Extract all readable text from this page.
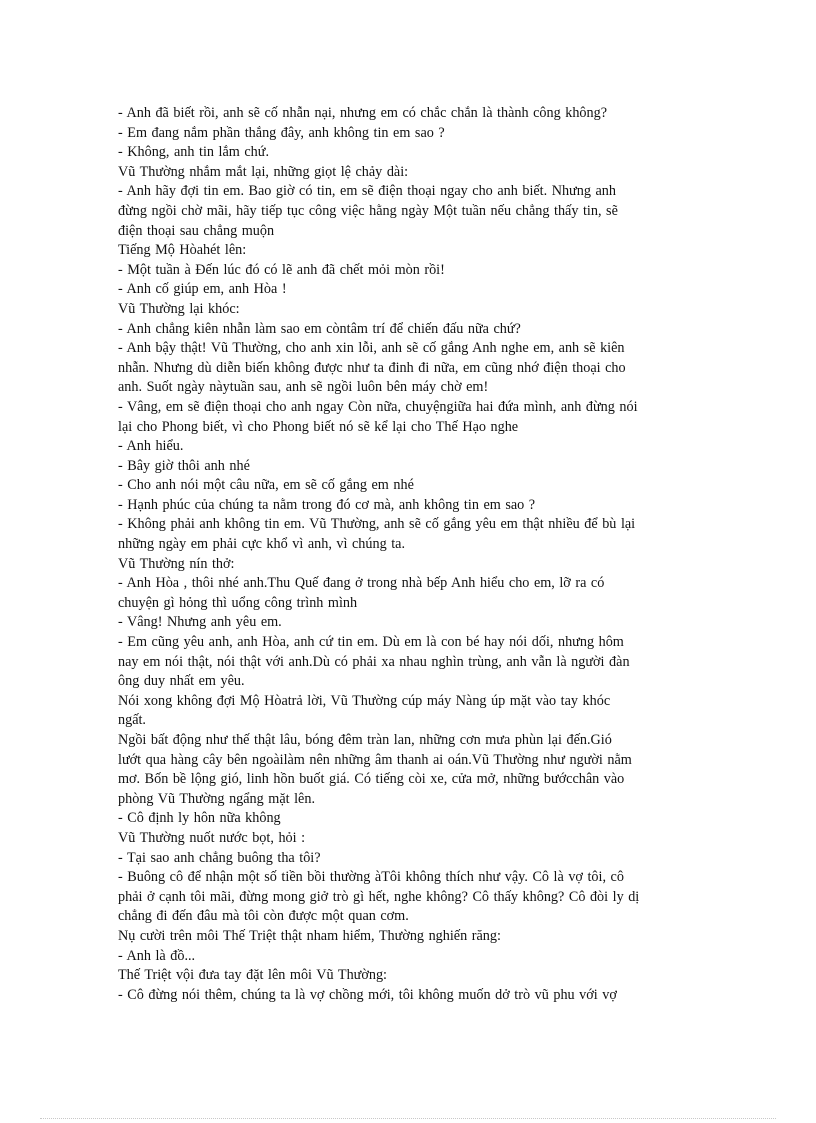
- Anh đã biết rồi, anh sẽ cố nhẫn nại, nhưng em có chắc chắn là thành công không?

- Em đang nắm phần thắng đây, anh không tin em sao ?

- Không, anh tin lắm chứ.

Vũ Thường nhắm mắt lại, những giọt lệ chảy dài:

- Anh hãy đợi tin em. Bao giờ có tin, em sẽ điện thoại ngay cho anh biết. Nhưng anh

đừng ngồi chờ mãi, hãy tiếp tục công việc hằng ngày Một tuần nếu chẳng thấy tin, sẽ

điện thoại sau chẳng muộn

Tiếng Mộ Hòahét lên:

- Một tuần à Đến lúc đó có lẽ anh đã chết mỏi mòn rồi!

- Anh cố giúp em, anh Hòa !

Vũ Thường lại khóc:

- Anh chẳng kiên nhẫn làm sao em còntâm trí để chiến đấu nữa chứ?

- Anh bậy thật! Vũ Thường, cho anh xin lỗi, anh sẽ cố gắng Anh nghe em, anh sẽ kiên

nhẫn. Nhưng dù diễn biến không được như ta đinh đi nữa, em cũng nhớ điện thoại cho

anh. Suốt ngày nàytuần sau, anh sẽ ngồi luôn bên máy chờ em!

- Vâng, em sẽ điện thoại cho anh ngay Còn nữa, chuyệngiữa hai đứa mình, anh đừng nói

lại cho Phong biết, vì cho Phong biết nó sẽ kể lại cho Thế Hạo nghe

- Anh hiểu.

- Bây giờ thôi anh nhé

- Cho anh nói một câu nữa, em sẽ cố gắng em nhé

- Hạnh phúc của chúng ta nằm trong đó cơ mà, anh không tin em sao ?

- Không phải anh không tin em. Vũ Thường, anh sẽ cố gắng yêu em thật nhiều để bù lại

những ngày em phải cực khổ vì anh, vì chúng ta.

Vũ Thường nín thở:

- Anh Hòa , thôi nhé anh.Thu Quế đang ở trong nhà bếp Anh hiểu cho em, lỡ ra có

chuyện gì hỏng thì uổng công trình mình

- Vâng! Nhưng anh yêu em.

- Em cũng yêu anh, anh Hòa, anh cứ tin em. Dù em là con bé hay nói dối, nhưng hôm

nay em nói thật, nói thật với anh.Dù có phải xa nhau nghìn trùng, anh vẫn là người đàn

ông duy nhất em yêu.

Nói xong không đợi Mộ Hòatrả lời, Vũ Thường cúp máy Nàng úp mặt vào tay khóc

ngất.

Ngồi bất động như thế thật lâu, bóng đêm tràn lan, những cơn mưa phùn lại đến.Gió

lướt qua hàng cây bên ngoàilàm nên những âm thanh ai oán.Vũ Thường như người nằm

mơ. Bốn bề lộng gió, linh hồn buốt giá. Có tiếng còi xe, cửa mở, những bướcchân vào

phòng Vũ Thường ngẩng mặt lên.

- Cô định ly hôn nữa không

Vũ Thường nuốt nước bọt, hỏi :

- Tại sao anh chẳng buông tha tôi?

- Buông cô để nhận một số tiền bồi thường àTôi không thích như vậy. Cô là vợ tôi, cô

phải ở cạnh tôi mãi, đừng mong giở trò gì hết, nghe không? Cô thấy không? Cô đòi ly dị

chẳng đi đến đâu mà tôi còn được một quan cơm.

Nụ cười trên môi Thế Triệt thật nham hiểm, Thường nghiến răng:

- Anh là đồ...

Thế Triệt vội đưa tay đặt lên môi Vũ Thường:

- Cô đừng nói thêm, chúng ta là vợ chồng mới, tôi không muốn dở trò vũ phu với vợ
